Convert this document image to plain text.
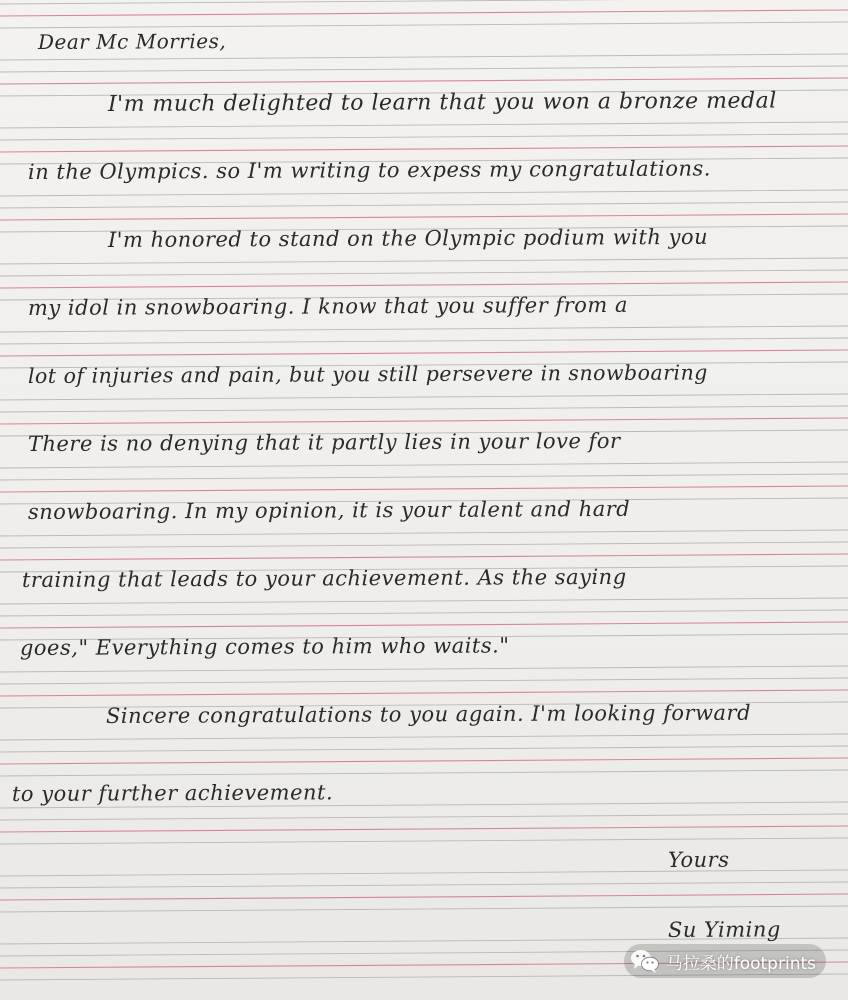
Dear Mc Morries,
I'm much delighted to learn that you won a bronze medal
in the Olympics. so I'm writing to expess my congratulations.
I'm honored to stand on the Olympic podium with you
my idol in snowboaring. I know that you suffer from a
lot of injuries and pain, but you still persevere in snowboaring
There is no denying that it partly lies in your love for
snowboaring. In my opinion, it is your talent and hard
training that leads to your achievement. As the saying
goes," Everything comes to him who waits."
Sincere congratulations to you again. I'm looking forward
to your further achievement.
Yours
Su Yiming
马拉桑的footprints
